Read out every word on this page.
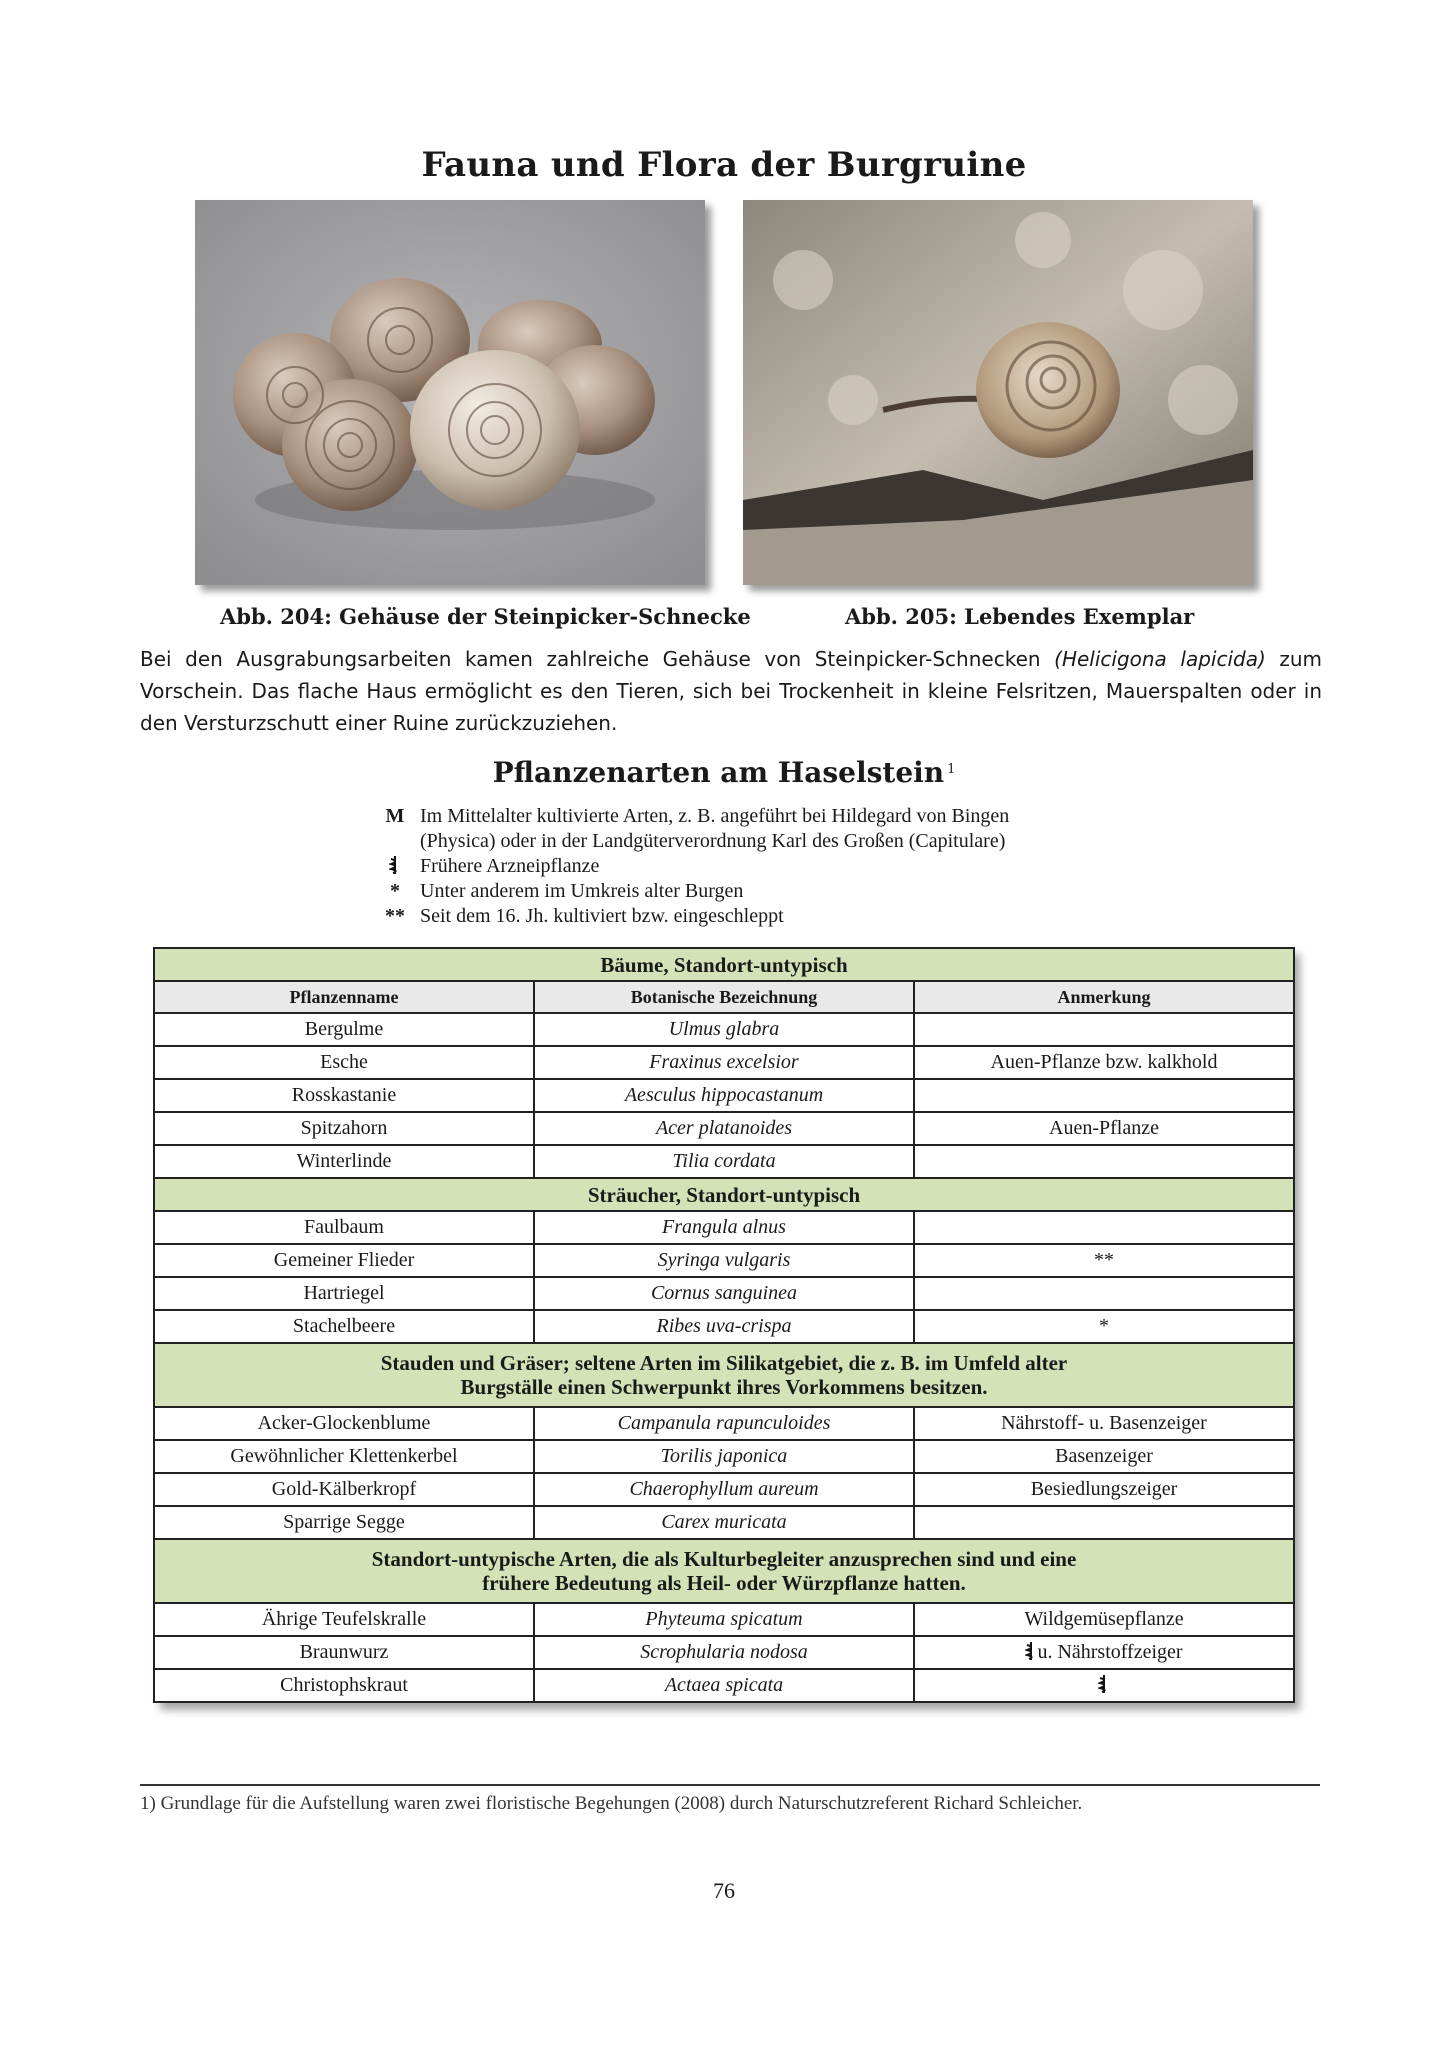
Fauna und Flora der Burgruine
Abb. 204: Gehäuse der Steinpicker-Schnecke	Abb. 205: Lebendes Exemplar
Bei den Ausgrabungsarbeiten kamen zahlreiche Gehäuse von Steinpicker-Schnecken (Helicigona lapicida) zum Vorschein. Das flache Haus ermöglicht es den Tieren, sich bei Trockenheit in kleine Felsritzen, Mauerspalten oder in den Versturzschutt einer Ruine zurückzuziehen.
Pflanzenarten am Haselstein $^1$
M Im Mittelalter kultivierte Arten, z. B. angeführt bei Hildegard von Bingen
(Physica) oder in der Landgüterverordnung Karl des Großen (Capitulare)
Frühere Arzneipflanze
*	Unter anderem im Umkreis alter Burgen
** Seit dem 16. Jh. kultiviert bzw. eingeschleppt
Bäume, Standort-untypisch		
Pflanzenname	Botanische Bezeichnung	Anmerkung
Bergulme	Ulmus glabra	
Esche	Fraxinus excelsior	Auen-Pflanze bzw. kalkhold
Rosskastanie	Aesculus hippocastanum	
Spitzahorn	Acer platanoides	Auen-Pflanze
Winterlinde	Tilia cordata	
Sträucher, Standort-untypisch		
Faulbaum	Frangula alnus	
Gemeiner Flieder	Syringa vulgaris	**
Hartriegel	Cornus sanguinea	
Stachelbeere	Ribes uva-crispa	*
Stauden und Gräser; seltene Arten im Silikatgebiet, die z. B. im Umfeld alter
Burgställe einen Schwerpunkt ihres Vorkommens besitzen.		
Acker-Glockenblume	Campanula rapunculoides	Nährstoff- u. Basenzeiger
Gewöhnlicher Klettenkerbel	Torilis japonica	Basenzeiger
Gold-Kälberkropf	Chaerophyllum aureum	Besiedlungszeiger
Sparrige Segge	Carex muricata	
Standort-untypische Arten, die als Kulturbegleiter anzusprechen sind und eine
frühere Bedeutung als Heil- oder Würzpflanze hatten.		
Ährige Teufelskralle	Phyteuma spicatum	Wildgemüsepflanze
Braunwurz	Scrophularia nodosa	u. Nährstoffzeiger
Christophskraut	Actaea spicata	
1) Grundlage für die Aufstellung waren zwei floristische Begehungen (2008) durch Naturschutzreferent Richard Schleicher.
76
